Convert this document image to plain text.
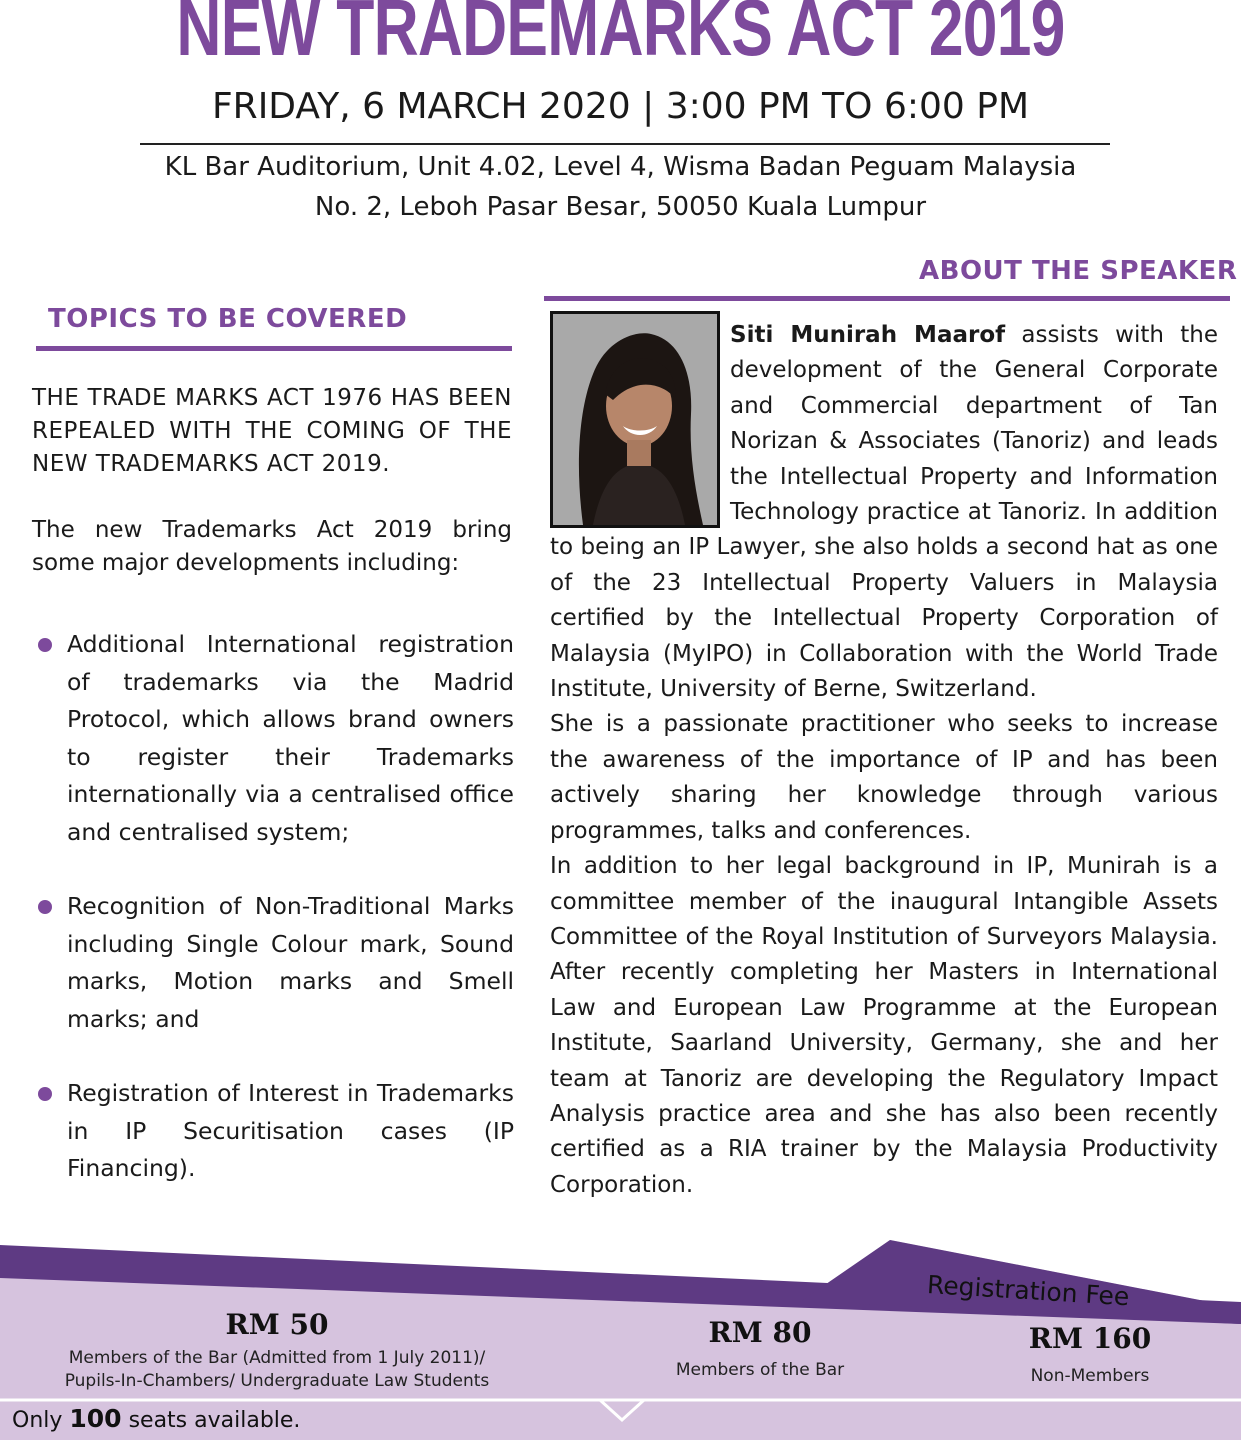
NEW TRADEMARKS ACT 2019
FRIDAY, 6 MARCH 2020 | 3:00 PM TO 6:00 PM
KL Bar Auditorium, Unit 4.02, Level 4, Wisma Badan Peguam Malaysia
No. 2, Leboh Pasar Besar, 50050 Kuala Lumpur
TOPICS TO BE COVERED
ABOUT THE SPEAKER

THE TRADE MARKS ACT 1976 HAS BEEN REPEALED WITH THE COMING OF THE NEW TRADEMARKS ACT 2019.

The new Trademarks Act 2019 bring some major developments including:

Additional International registration of trademarks via the Madrid Protocol, which allows brand owners to register their Trademarks internationally via a centralised office and centralised system;
Recognition of Non-Traditional Marks including Single Colour mark, Sound marks, Motion marks and Smell marks; and
Registration of Interest in Trademarks in IP Securitisation cases (IP Financing).

Siti Munirah Maarof assists with the development of the General Corporate and Commercial department of Tan Norizan & Associates (Tanoriz) and leads the Intellectual Property and Information Technology practice at Tanoriz. In addition to being an IP Lawyer, she also holds a second hat as one of the 23 Intellectual Property Valuers in Malaysia certified by the Intellectual Property Corporation of Malaysia (MyIPO) in Collaboration with the World Trade Institute, University of Berne, Switzerland.

She is a passionate practitioner who seeks to increase the awareness of the importance of IP and has been actively sharing her knowledge through various programmes, talks and conferences.

In addition to her legal background in IP, Munirah is a committee member of the inaugural Intangible Assets Committee of the Royal Institution of Surveyors Malaysia. After recently completing her Masters in International Law and European Law Programme at the European Institute, Saarland University, Germany, she and her team at Tanoriz are developing the Regulatory Impact Analysis practice area and she has also been recently certified as a RIA trainer by the Malaysia Productivity Corporation.

Registration Fee
RM 50
Members of the Bar (Admitted from 1 July 2011)/
Pupils-In-Chambers/ Undergraduate Law Students
RM 80
Members of the Bar
RM 160
Non-Members
Only 100 seats available.
